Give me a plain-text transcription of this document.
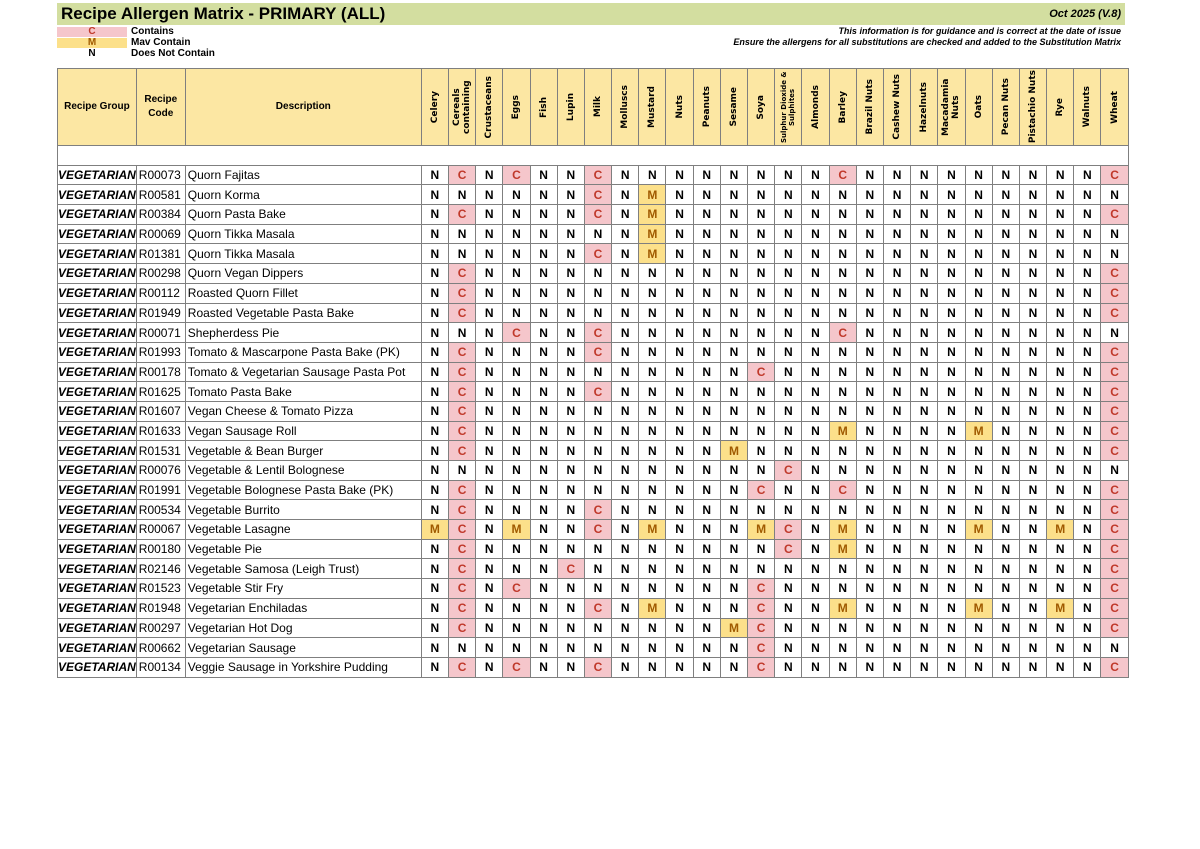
Recipe Allergen Matrix - PRIMARY (ALL)	Oct 2025 (V.8)
C	Contains
M	Mav Contain
N	Does Not Contain
This information is for guidance and is correct at the date of issue
Ensure the allergens for all substitutions are checked and added to the Substitution Matrix
Recipe Group	Recipe Code	Description	Celery	Cereals containing	Crustaceans	Eggs	Fish	Lupin	Milk	Molluscs	Mustard	Nuts	Peanuts	Sesame	Soya	Sulphur Dioxide & Sulphites	Almonds	Barley	Brazil Nuts	Cashew Nuts	Hazelnuts	Macadamia Nuts	Oats	Pecan Nuts	Pistachio Nuts	Rye	Walnuts	Wheat

VEGETARIAN	R00073	Quorn Fajitas	N	C	N	C	N	N	C	N	N	N	N	N	N	N	N	C	N	N	N	N	N	N	N	N	N	C
VEGETARIAN	R00581	Quorn Korma	N	N	N	N	N	N	C	N	M	N	N	N	N	N	N	N	N	N	N	N	N	N	N	N	N	N
VEGETARIAN	R00384	Quorn Pasta Bake	N	C	N	N	N	N	C	N	M	N	N	N	N	N	N	N	N	N	N	N	N	N	N	N	N	C
VEGETARIAN	R00069	Quorn Tikka Masala	N	N	N	N	N	N	N	N	M	N	N	N	N	N	N	N	N	N	N	N	N	N	N	N	N	N
VEGETARIAN	R01381	Quorn Tikka Masala	N	N	N	N	N	N	C	N	M	N	N	N	N	N	N	N	N	N	N	N	N	N	N	N	N	N
VEGETARIAN	R00298	Quorn Vegan Dippers	N	C	N	N	N	N	N	N	N	N	N	N	N	N	N	N	N	N	N	N	N	N	N	N	N	C
VEGETARIAN	R00112	Roasted Quorn Fillet	N	C	N	N	N	N	N	N	N	N	N	N	N	N	N	N	N	N	N	N	N	N	N	N	N	C
VEGETARIAN	R01949	Roasted Vegetable Pasta Bake	N	C	N	N	N	N	N	N	N	N	N	N	N	N	N	N	N	N	N	N	N	N	N	N	N	C
VEGETARIAN	R00071	Shepherdess Pie	N	N	N	C	N	N	C	N	N	N	N	N	N	N	N	C	N	N	N	N	N	N	N	N	N	N
VEGETARIAN	R01993	Tomato & Mascarpone Pasta Bake (PK)	N	C	N	N	N	N	C	N	N	N	N	N	N	N	N	N	N	N	N	N	N	N	N	N	N	C
VEGETARIAN	R00178	Tomato & Vegetarian Sausage Pasta Pot	N	C	N	N	N	N	N	N	N	N	N	N	C	N	N	N	N	N	N	N	N	N	N	N	N	C
VEGETARIAN	R01625	Tomato Pasta Bake	N	C	N	N	N	N	C	N	N	N	N	N	N	N	N	N	N	N	N	N	N	N	N	N	N	C
VEGETARIAN	R01607	Vegan Cheese & Tomato Pizza	N	C	N	N	N	N	N	N	N	N	N	N	N	N	N	N	N	N	N	N	N	N	N	N	N	C
VEGETARIAN	R01633	Vegan Sausage Roll	N	C	N	N	N	N	N	N	N	N	N	N	N	N	N	M	N	N	N	N	M	N	N	N	N	C
VEGETARIAN	R01531	Vegetable & Bean Burger	N	C	N	N	N	N	N	N	N	N	N	M	N	N	N	N	N	N	N	N	N	N	N	N	N	C
VEGETARIAN	R00076	Vegetable & Lentil Bolognese	N	N	N	N	N	N	N	N	N	N	N	N	N	C	N	N	N	N	N	N	N	N	N	N	N	N
VEGETARIAN	R01991	Vegetable Bolognese Pasta Bake (PK)	N	C	N	N	N	N	N	N	N	N	N	N	C	N	N	C	N	N	N	N	N	N	N	N	N	C
VEGETARIAN	R00534	Vegetable Burrito	N	C	N	N	N	N	C	N	N	N	N	N	N	N	N	N	N	N	N	N	N	N	N	N	N	C
VEGETARIAN	R00067	Vegetable Lasagne	M	C	N	M	N	N	C	N	M	N	N	N	M	C	N	M	N	N	N	N	M	N	N	M	N	C
VEGETARIAN	R00180	Vegetable Pie	N	C	N	N	N	N	N	N	N	N	N	N	N	C	N	M	N	N	N	N	N	N	N	N	N	C
VEGETARIAN	R02146	Vegetable Samosa (Leigh Trust)	N	C	N	N	N	C	N	N	N	N	N	N	N	N	N	N	N	N	N	N	N	N	N	N	N	C
VEGETARIAN	R01523	Vegetable Stir Fry	N	C	N	C	N	N	N	N	N	N	N	N	C	N	N	N	N	N	N	N	N	N	N	N	N	C
VEGETARIAN	R01948	Vegetarian Enchiladas	N	C	N	N	N	N	C	N	M	N	N	N	C	N	N	M	N	N	N	N	M	N	N	M	N	C
VEGETARIAN	R00297	Vegetarian Hot Dog	N	C	N	N	N	N	N	N	N	N	N	M	C	N	N	N	N	N	N	N	N	N	N	N	N	C
VEGETARIAN	R00662	Vegetarian Sausage	N	N	N	N	N	N	N	N	N	N	N	N	C	N	N	N	N	N	N	N	N	N	N	N	N	N
VEGETARIAN	R00134	Veggie Sausage in Yorkshire Pudding	N	C	N	C	N	N	C	N	N	N	N	N	C	N	N	N	N	N	N	N	N	N	N	N	N	C
